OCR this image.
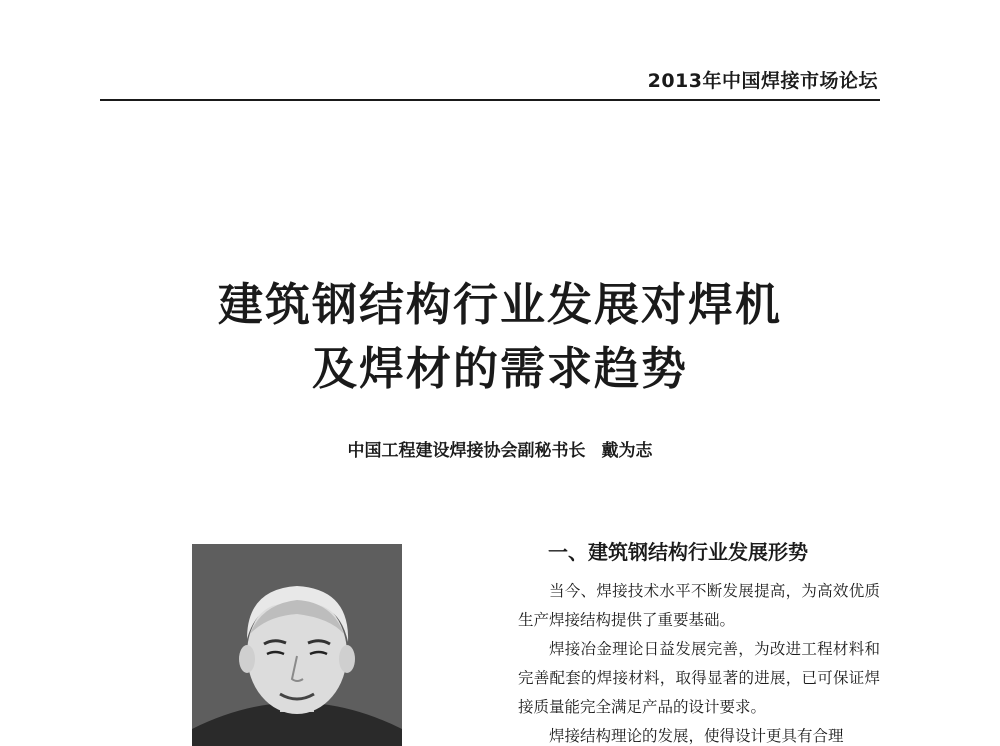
2013年中国焊接市场论坛
建筑钢结构行业发展对焊机
及焊材的需求趋势
中国工程建设焊接协会副秘书长 戴为志
一、建筑钢结构行业发展形势

当今、焊接技术水平不断发展提高，为高效优质生产焊接结构提供了重要基础。

焊接冶金理论日益发展完善，为改进工程材料和完善配套的焊接材料，取得显著的进展，已可保证焊接质量能完全满足产品的设计要求。

焊接结构理论的发展，使得设计更具有合理
